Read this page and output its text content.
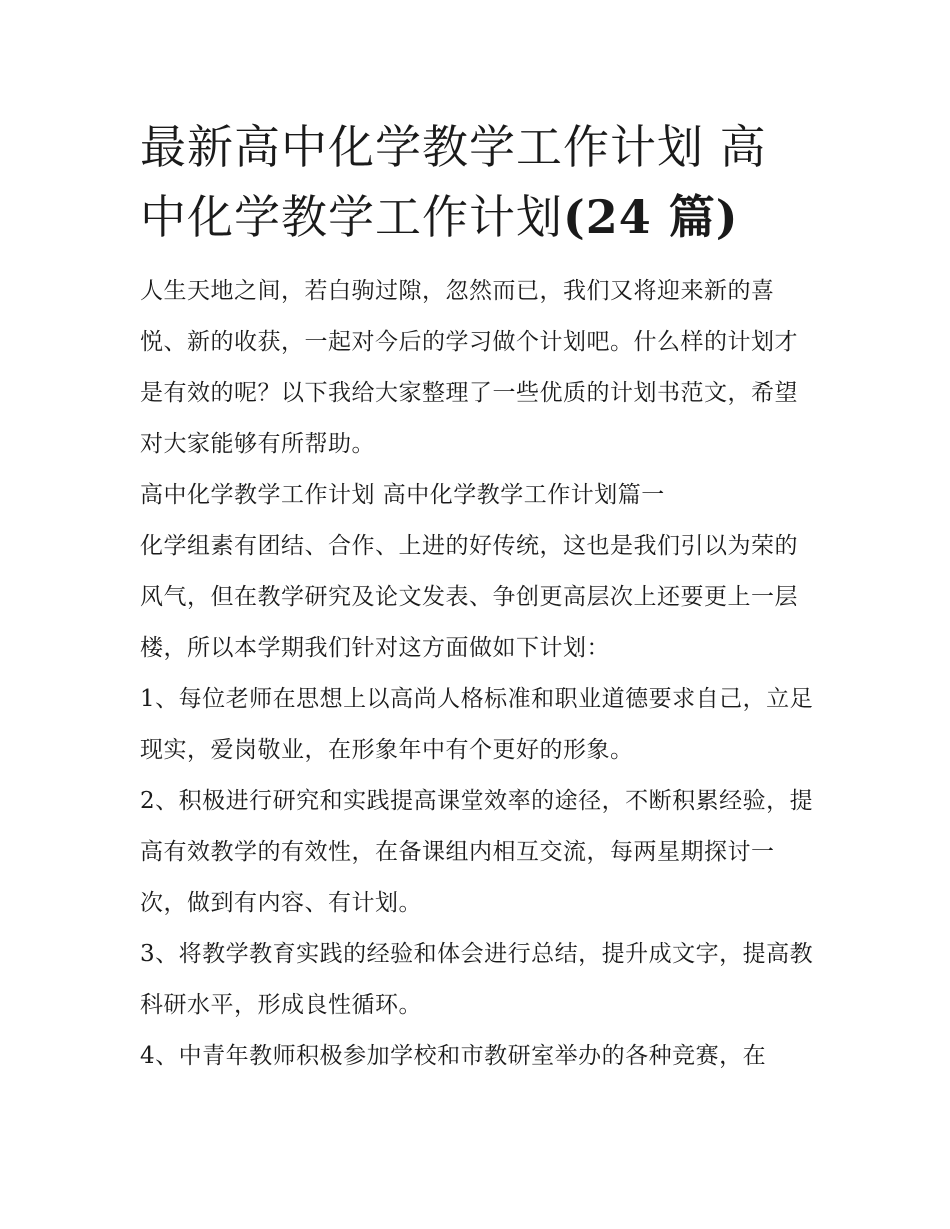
最新高中化学教学工作计划 高
中化学教学工作计划(24 篇)

人生天地之间，若白驹过隙，忽然而已，我们又将迎来新的喜悦、新的收获，一起对今后的学习做个计划吧。什么样的计划才是有效的呢？以下我给大家整理了一些优质的计划书范文，希望对大家能够有所帮助。

高中化学教学工作计划 高中化学教学工作计划篇一

化学组素有团结、合作、上进的好传统，这也是我们引以为荣的风气，但在教学研究及论文发表、争创更高层次上还要更上一层楼，所以本学期我们针对这方面做如下计划：

1、每位老师在思想上以高尚人格标准和职业道德要求自己，立足现实，爱岗敬业，在形象年中有个更好的形象。

2、积极进行研究和实践提高课堂效率的途径，不断积累经验，提高有效教学的有效性，在备课组内相互交流，每两星期探讨一次，做到有内容、有计划。

3、将教学教育实践的经验和体会进行总结，提升成文字，提高教科研水平，形成良性循环。

4、中青年教师积极参加学校和市教研室举办的各种竞赛，在
